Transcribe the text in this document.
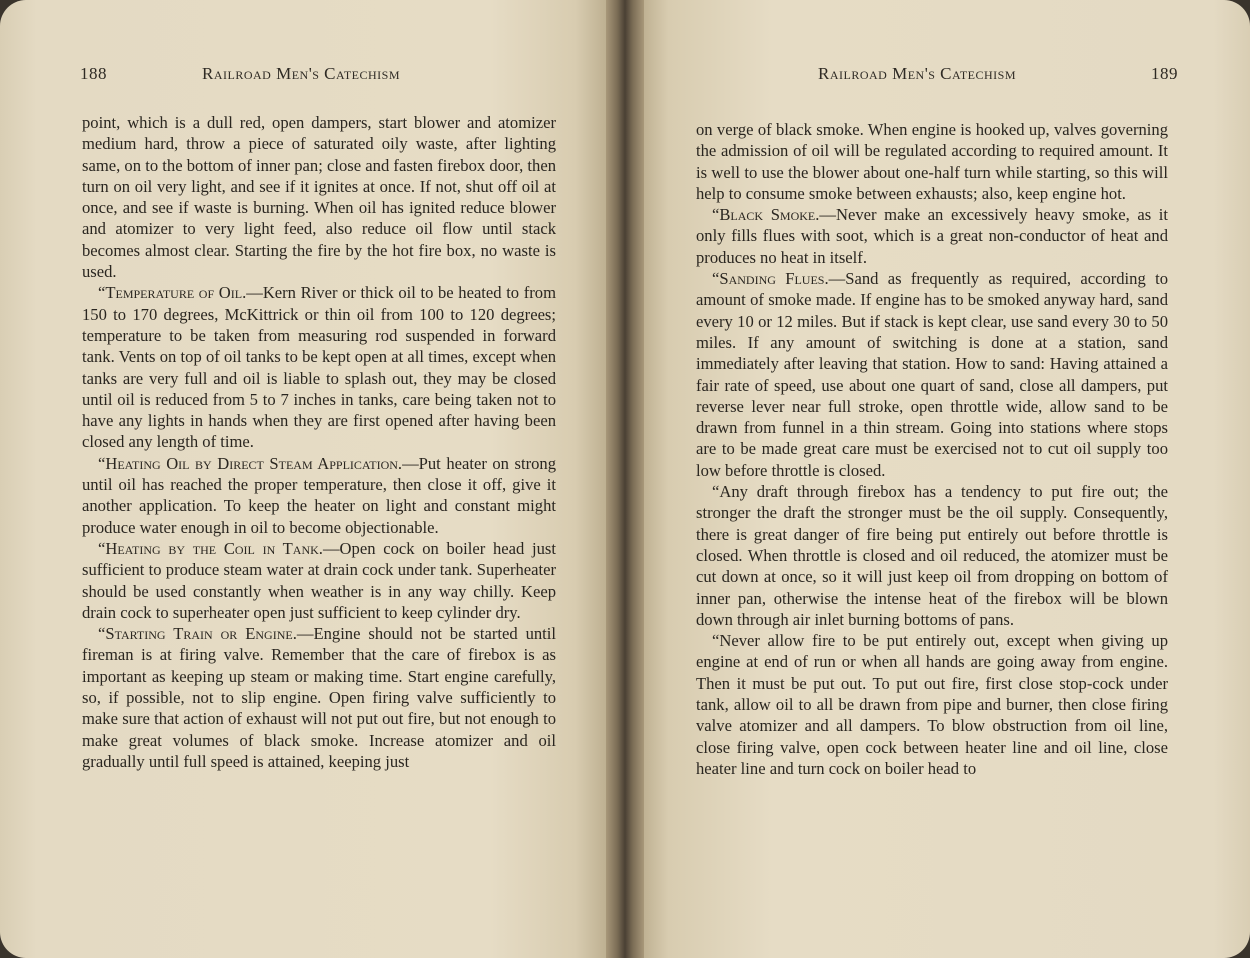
188	Railroad Men's Catechism

point, which is a dull red, open dampers, start blower and atomizer medium hard, throw a piece of saturated oily waste, after lighting same, on to the bottom of inner pan; close and fasten firebox door, then turn on oil very light, and see if it ignites at once. If not, shut off oil at once, and see if waste is burning. When oil has ignited reduce blower and atomizer to very light feed, also reduce oil flow until stack becomes almost clear. Starting the fire by the hot fire box, no waste is used.

“Temperature of Oil.—Kern River or thick oil to be heated to from 150 to 170 degrees, McKittrick or thin oil from 100 to 120 degrees; temperature to be taken from measuring rod suspended in forward tank. Vents on top of oil tanks to be kept open at all times, except when tanks are very full and oil is liable to splash out, they may be closed until oil is reduced from 5 to 7 inches in tanks, care being taken not to have any lights in hands when they are first opened after having been closed any length of time.

“Heating Oil by Direct Steam Application.—Put heater on strong until oil has reached the proper temperature, then close it off, give it another application. To keep the heater on light and constant might produce water enough in oil to become objectionable.

“Heating by the Coil in Tank.—Open cock on boiler head just sufficient to produce steam water at drain cock under tank. Superheater should be used constantly when weather is in any way chilly. Keep drain cock to superheater open just sufficient to keep cylinder dry.

“Starting Train or Engine.—Engine should not be started until fireman is at firing valve. Remember that the care of firebox is as important as keeping up steam or making time. Start engine carefully, so, if possible, not to slip engine. Open firing valve sufficiently to make sure that action of exhaust will not put out fire, but not enough to make great volumes of black smoke. Increase atomizer and oil gradually until full speed is attained, keeping just

Railroad Men's Catechism	189

on verge of black smoke. When engine is hooked up, valves governing the admission of oil will be regulated according to required amount. It is well to use the blower about one-half turn while starting, so this will help to consume smoke between exhausts; also, keep engine hot.

“Black Smoke.—Never make an excessively heavy smoke, as it only fills flues with soot, which is a great non-conductor of heat and produces no heat in itself.

“Sanding Flues.—Sand as frequently as required, according to amount of smoke made. If engine has to be smoked anyway hard, sand every 10 or 12 miles. But if stack is kept clear, use sand every 30 to 50 miles. If any amount of switching is done at a station, sand immediately after leaving that station. How to sand: Having attained a fair rate of speed, use about one quart of sand, close all dampers, put reverse lever near full stroke, open throttle wide, allow sand to be drawn from funnel in a thin stream. Going into stations where stops are to be made great care must be exercised not to cut oil supply too low before throttle is closed.

“Any draft through firebox has a tendency to put fire out; the stronger the draft the stronger must be the oil supply. Consequently, there is great danger of fire being put entirely out before throttle is closed. When throttle is closed and oil reduced, the atomizer must be cut down at once, so it will just keep oil from dropping on bottom of inner pan, otherwise the intense heat of the firebox will be blown down through air inlet burning bottoms of pans.

“Never allow fire to be put entirely out, except when giving up engine at end of run or when all hands are going away from engine. Then it must be put out. To put out fire, first close stop-cock under tank, allow oil to all be drawn from pipe and burner, then close firing valve atomizer and all dampers. To blow obstruction from oil line, close firing valve, open cock between heater line and oil line, close heater line and turn cock on boiler head to
